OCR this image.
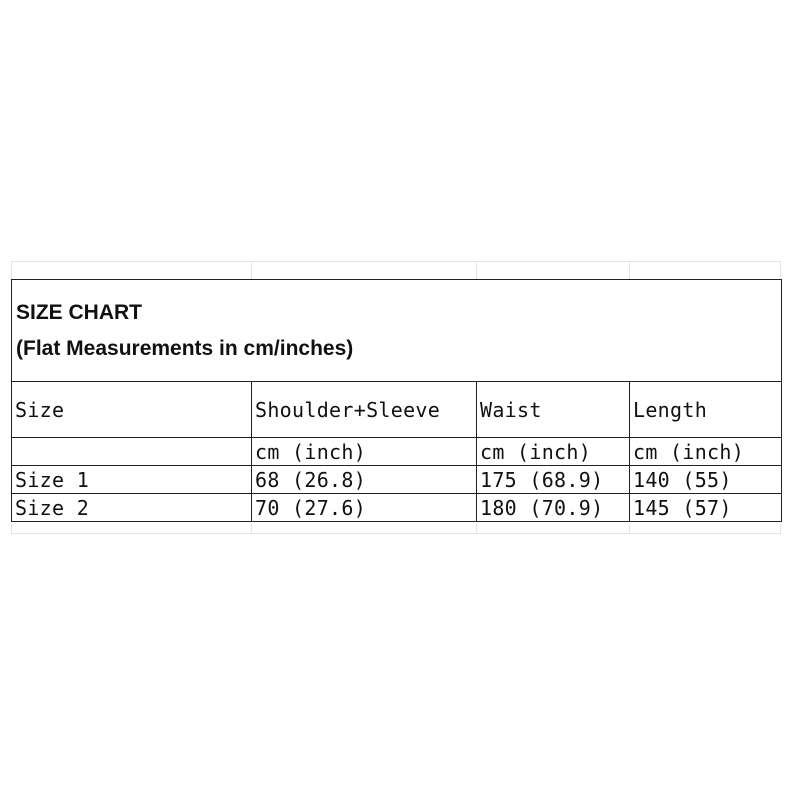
SIZE CHART
(Flat Measurements in cm/inches)			

Size	Shoulder+Sleeve	Waist	Length
	cm (inch)	cm (inch)	cm (inch)
Size 1	68 (26.8)	175 (68.9)	140 (55)
Size 2	70 (27.6)	180 (70.9)	145 (57)
